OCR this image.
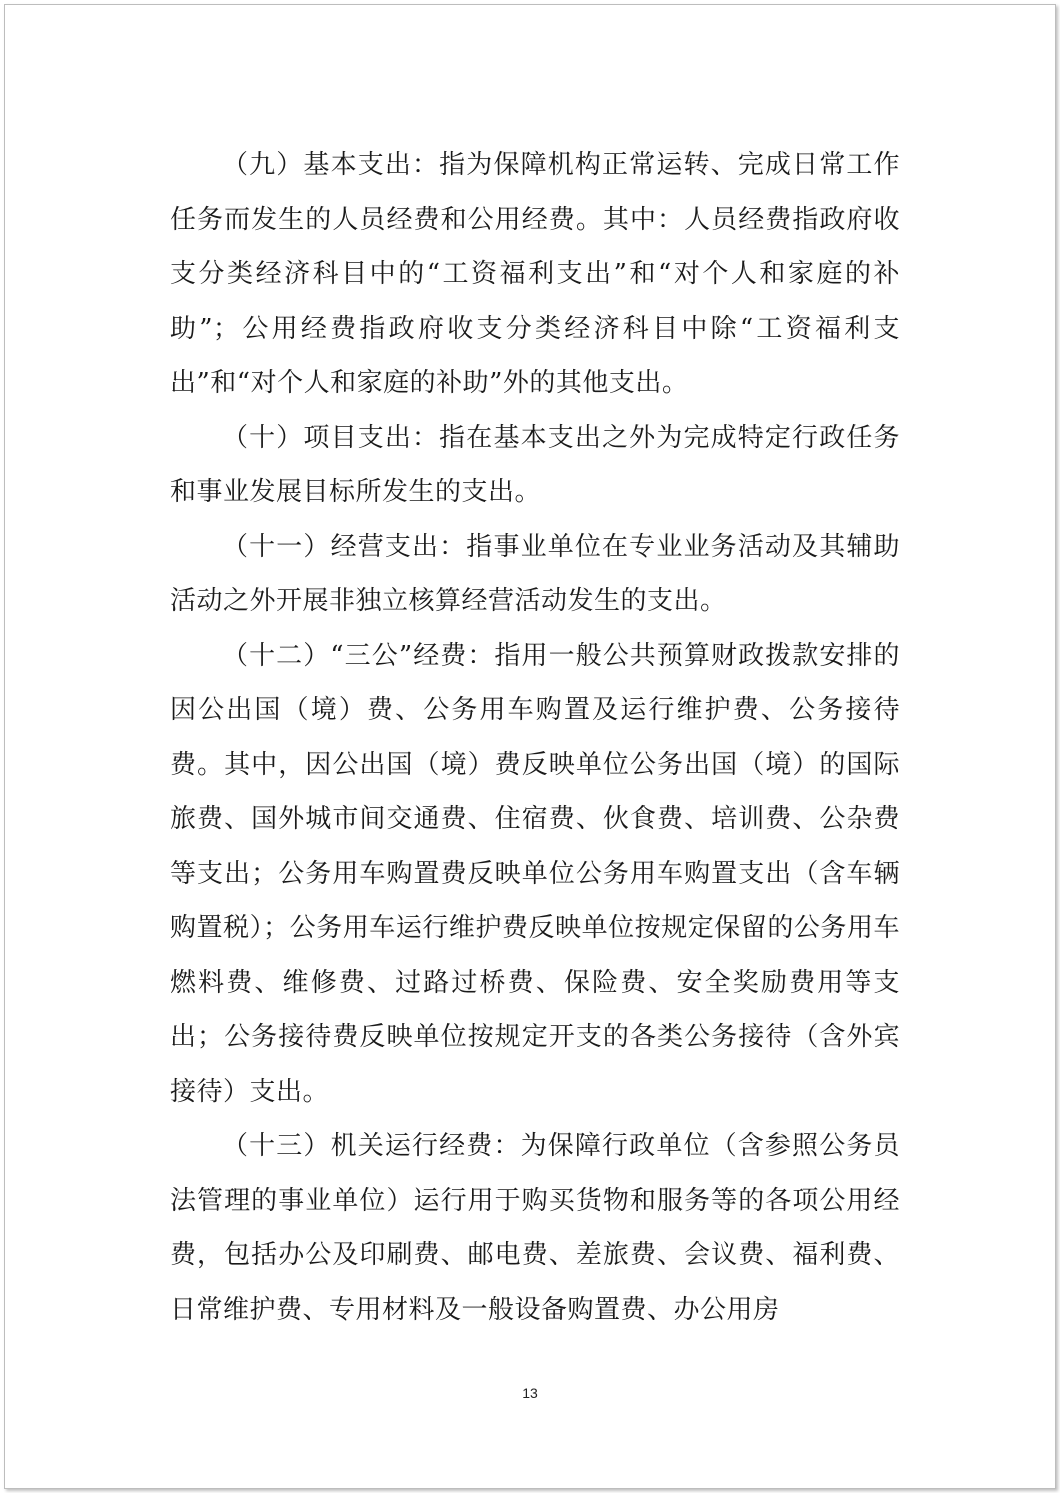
（九）基本支出：指为保障机构正常运转、完成日常工作任务而发生的人员经费和公用经费。其中：人员经费指政府收支分类经济科目中的“工资福利支出”和“对个人和家庭的补助”；公用经费指政府收支分类经济科目中除“工资福利支出”和“对个人和家庭的补助”外的其他支出。

（十）项目支出：指在基本支出之外为完成特定行政任务和事业发展目标所发生的支出。

（十一）经营支出：指事业单位在专业业务活动及其辅助活动之外开展非独立核算经营活动发生的支出。

（十二）“三公”经费：指用一般公共预算财政拨款安排的因公出国（境）费、公务用车购置及运行维护费、公务接待费。其中，因公出国（境）费反映单位公务出国（境）的国际旅费、国外城市间交通费、住宿费、伙食费、培训费、公杂费等支出；公务用车购置费反映单位公务用车购置支出（含车辆购置税）；公务用车运行维护费反映单位按规定保留的公务用车燃料费、维修费、过路过桥费、保险费、安全奖励费用等支出；公务接待费反映单位按规定开支的各类公务接待（含外宾接待）支出。

（十三）机关运行经费：为保障行政单位（含参照公务员法管理的事业单位）运行用于购买货物和服务等的各项公用经费，包括办公及印刷费、邮电费、差旅费、会议费、福利费、日常维护费、专用材料及一般设备购置费、办公用房

13
